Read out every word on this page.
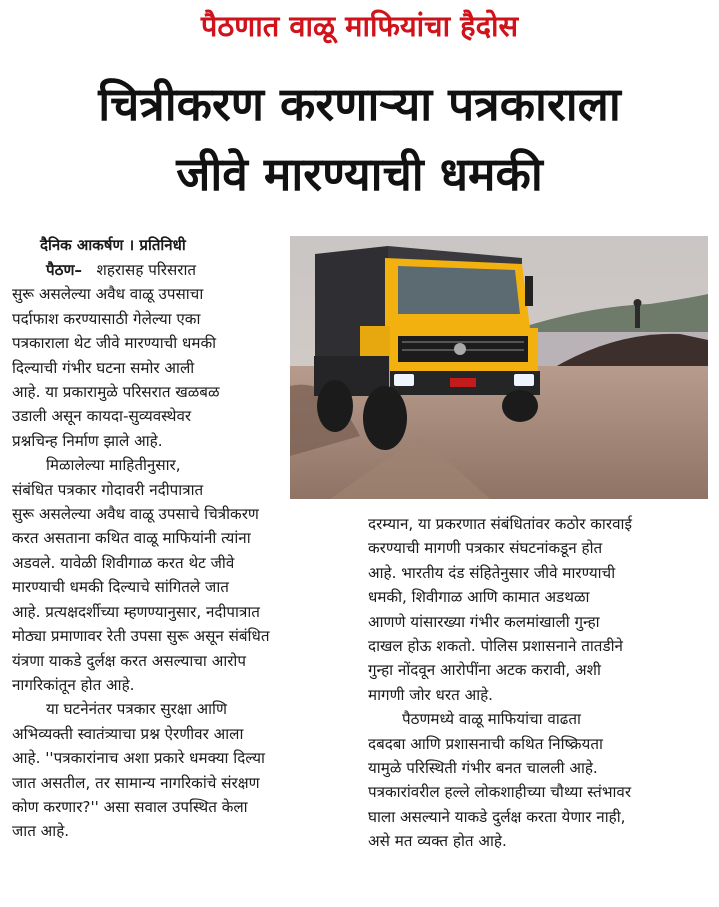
पैठणात वाळू माफियांचा हैदोस
चित्रीकरण करणाऱ्या पत्रकाराला
जीवे मारण्याची धमकी
दैनिक आकर्षण । प्रतिनिधी

पैठण– शहरासह परिसरात

सुरू असलेल्या अवैध वाळू उपसाचा

पर्दाफाश करण्यासाठी गेलेल्या एका

पत्रकाराला थेट जीवे मारण्याची धमकी

दिल्याची गंभीर घटना समोर आली

आहे. या प्रकारामुळे परिसरात खळबळ

उडाली असून कायदा-सुव्यवस्थेवर

प्रश्नचिन्ह निर्माण झाले आहे.

मिळालेल्या माहितीनुसार,

संबंधित पत्रकार गोदावरी नदीपात्रात

सुरू असलेल्या अवैध वाळू उपसाचे चित्रीकरण

करत असताना कथित वाळू माफियांनी त्यांना

अडवले. यावेळी शिवीगाळ करत थेट जीवे

मारण्याची धमकी दिल्याचे सांगितले जात

आहे. प्रत्यक्षदर्शीच्या म्हणण्यानुसार, नदीपात्रात

मोठ्या प्रमाणावर रेती उपसा सुरू असून संबंधित

यंत्रणा याकडे दुर्लक्ष करत असल्याचा आरोप

नागरिकांतून होत आहे.

या घटनेनंतर पत्रकार सुरक्षा आणि

अभिव्यक्ती स्वातंत्र्याचा प्रश्न ऐरणीवर आला

आहे. ''पत्रकारांनाच अशा प्रकारे धमक्या दिल्या

जात असतील, तर सामान्य नागरिकांचे संरक्षण

कोण करणार?'' असा सवाल उपस्थित केला

जात आहे.

दरम्यान, या प्रकरणात संबंधितांवर कठोर कारवाई

करण्याची मागणी पत्रकार संघटनांकडून होत

आहे. भारतीय दंड संहितेनुसार जीवे मारण्याची

धमकी, शिवीगाळ आणि कामात अडथळा

आणणे यांसारख्या गंभीर कलमांखाली गुन्हा

दाखल होऊ शकतो. पोलिस प्रशासनाने तातडीने

गुन्हा नोंदवून आरोपींना अटक करावी, अशी

मागणी जोर धरत आहे.

पैठणमध्ये वाळू माफियांचा वाढता

दबदबा आणि प्रशासनाची कथित निष्क्रियता

यामुळे परिस्थिती गंभीर बनत चालली आहे.

पत्रकारांवरील हल्ले लोकशाहीच्या चौथ्या स्तंभावर

घाला असल्याने याकडे दुर्लक्ष करता येणार नाही,

असे मत व्यक्त होत आहे.
